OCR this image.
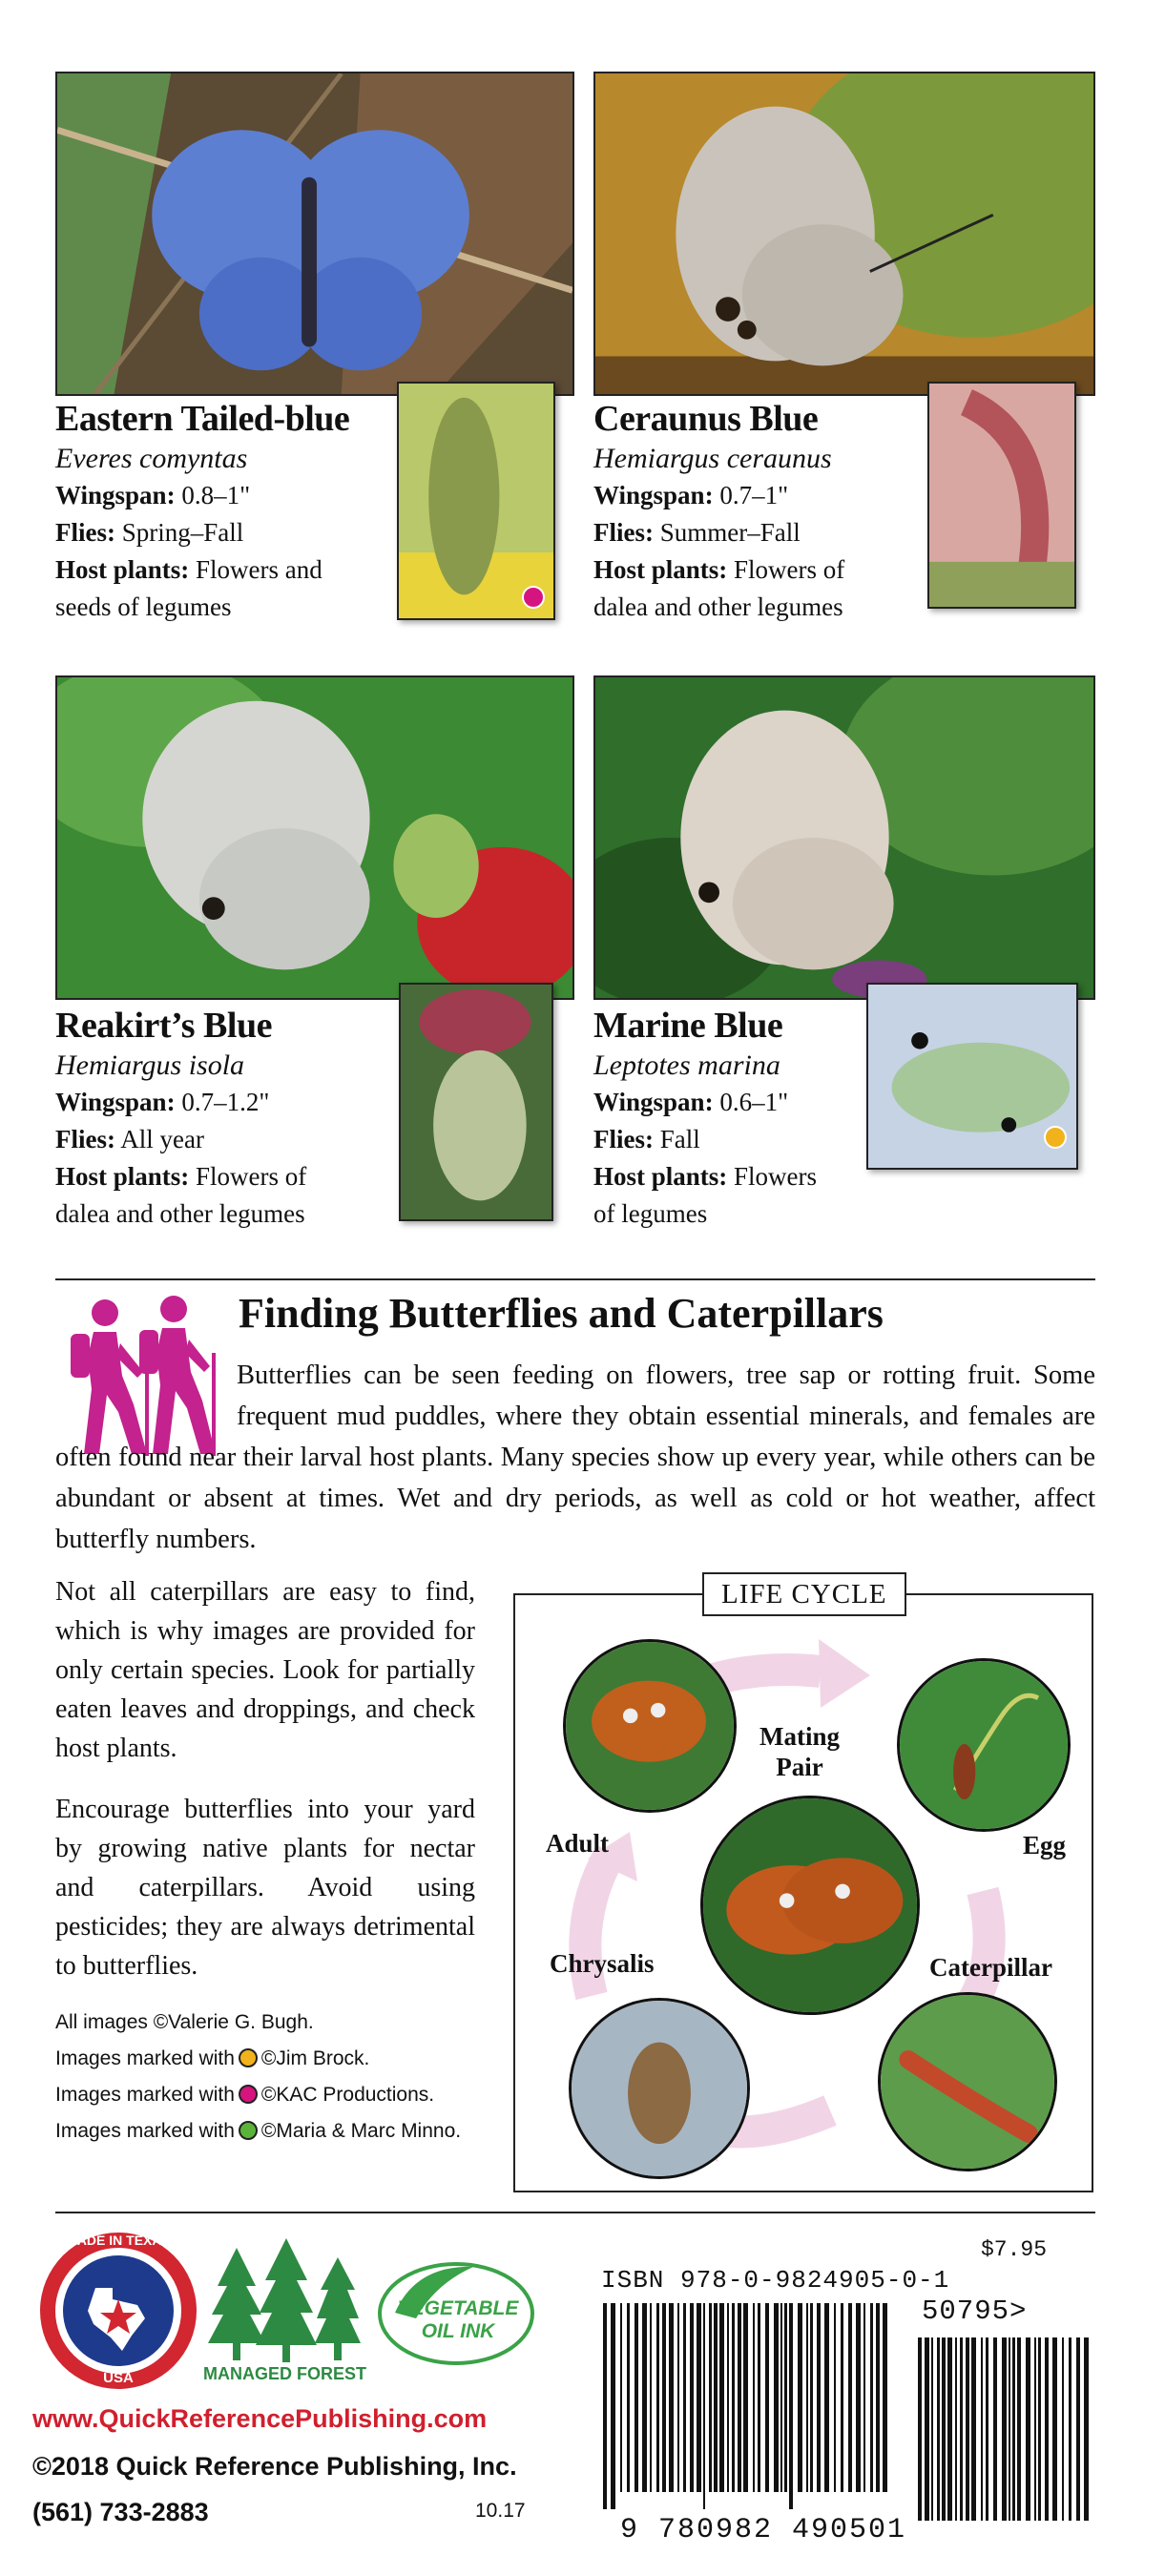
Eastern Tailed-blue
Everes comyntas
Wingspan: 0.8–1"
Flies: Spring–Fall
Host plants: Flowers and
seeds of legumes
Ceraunus Blue
Hemiargus ceraunus
Wingspan: 0.7–1"
Flies: Summer–Fall
Host plants: Flowers of
dalea and other legumes
Reakirt’s Blue
Hemiargus isola
Wingspan: 0.7–1.2"
Flies: All year
Host plants: Flowers of
dalea and other legumes
Marine Blue
Leptotes marina
Wingspan: 0.6–1"
Flies: Fall
Host plants: Flowers
of legumes
Finding Butterflies and Caterpillars
Butterflies can be seen feeding on flowers, tree sap or rotting fruit. Some frequent mud puddles, where they obtain essential minerals, and females are often found near their larval host plants. Many species show up every year, while others can be abundant or absent at times. Wet and dry periods, as well as cold or hot weather, affect butterfly numbers.
Not all caterpillars are easy to find, which is why images are provided for only certain species. Look for partially eaten leaves and droppings, and check host plants.
Encourage butterflies into your yard by growing native plants for nectar and caterpillars. Avoid using pesticides; they are always detrimental to butterflies.
All images ©Valerie G. Bugh.
Images marked with ©Jim Brock.
Images marked with ©KAC Productions.
Images marked with ©Maria & Marc Minno.
LIFE CYCLE
Mating
Pair
Adult	Egg
Chrysalis	Caterpillar
MADE IN TEXAS
USA	MANAGED FOREST
VEGETABLE
OIL INK
www.QuickReferencePublishing.com
©2018 Quick Reference Publishing, Inc.
(561) 733-2883	10.17
$7.95
ISBN 978-0-9824905-0-1
50795>
9 780982 490501
